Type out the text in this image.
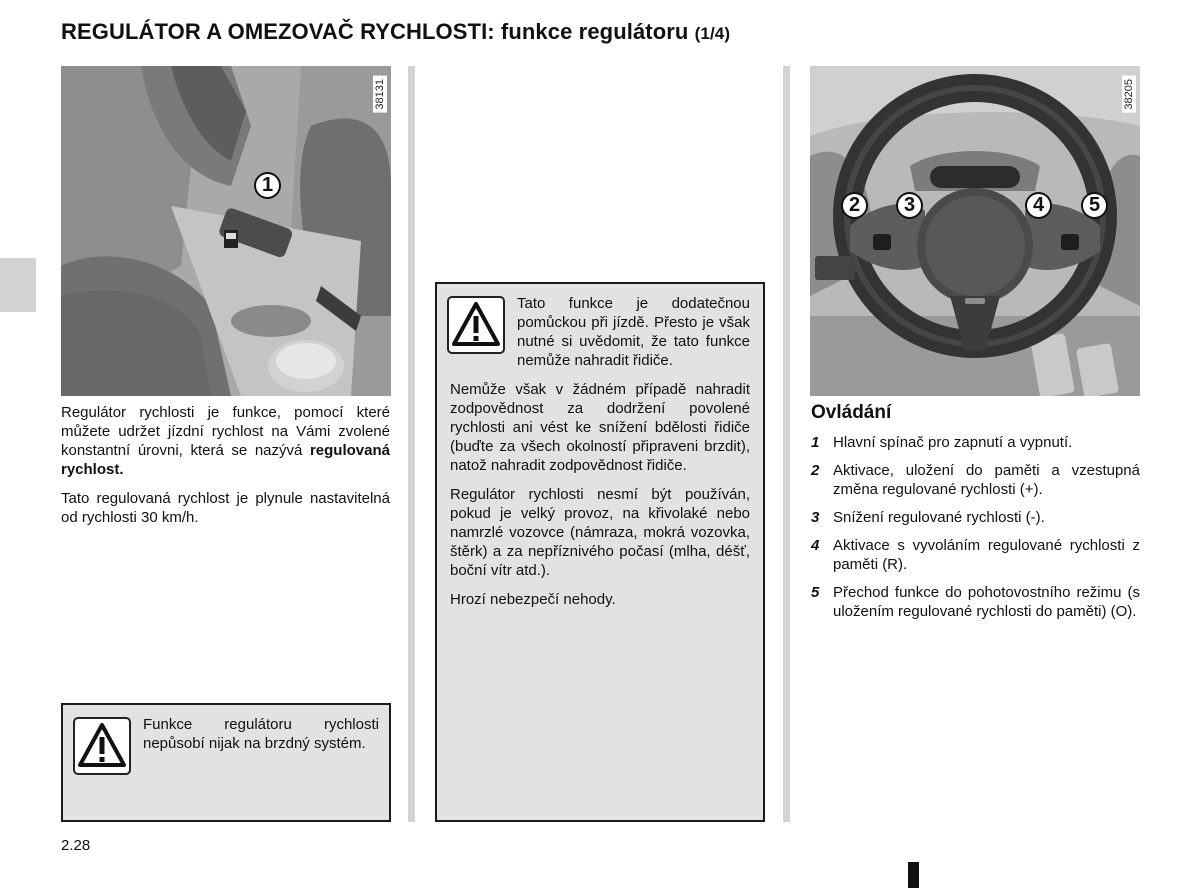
REGULÁTOR A OMEZOVAČ RYCHLOSTI: funkce regulátoru (1/4)
38131
1

Regulátor rychlosti je funkce, pomocí které můžete udržet jízdní rychlost na Vámi zvolené konstantní úrovni, která se nazývá regulovaná rychlost.

Tato regulovaná rychlost je plynule nastavitelná od rychlosti 30 km/h.

Funkce regulátoru rychlosti nepůsobí nijak na brzdný systém.

Tato funkce je dodatečnou pomůckou při jízdě. Přesto je však nutné si uvědomit, že tato funkce nemůže nahradit řidiče.

Nemůže však v žádném případě nahradit zodpovědnost za dodržení povolené rychlosti ani vést ke snížení bdělosti řidiče (buďte za všech okolností připraveni brzdit), natož nahradit zodpovědnost řidiče.

Regulátor rychlosti nesmí být používán, pokud je velký provoz, na křivolaké nebo namrzlé vozovce (námraza, mokrá vozovka, štěrk) a za nepříznivého počasí (mlha, déšť, boční vítr atd.).

Hrozí nebezpečí nehody.

38205
2	3	4	5
Ovládání
1 Hlavní spínač pro zapnutí a vypnutí.
2 Aktivace, uložení do paměti a vzestupná změna regulované rychlosti (+).
3 Snížení regulované rychlosti (-).
4 Aktivace s vyvoláním regulované rychlosti z paměti (R).
5 Přechod funkce do pohotovostního režimu (s uložením regulované rychlosti do paměti) (O).
2.28
